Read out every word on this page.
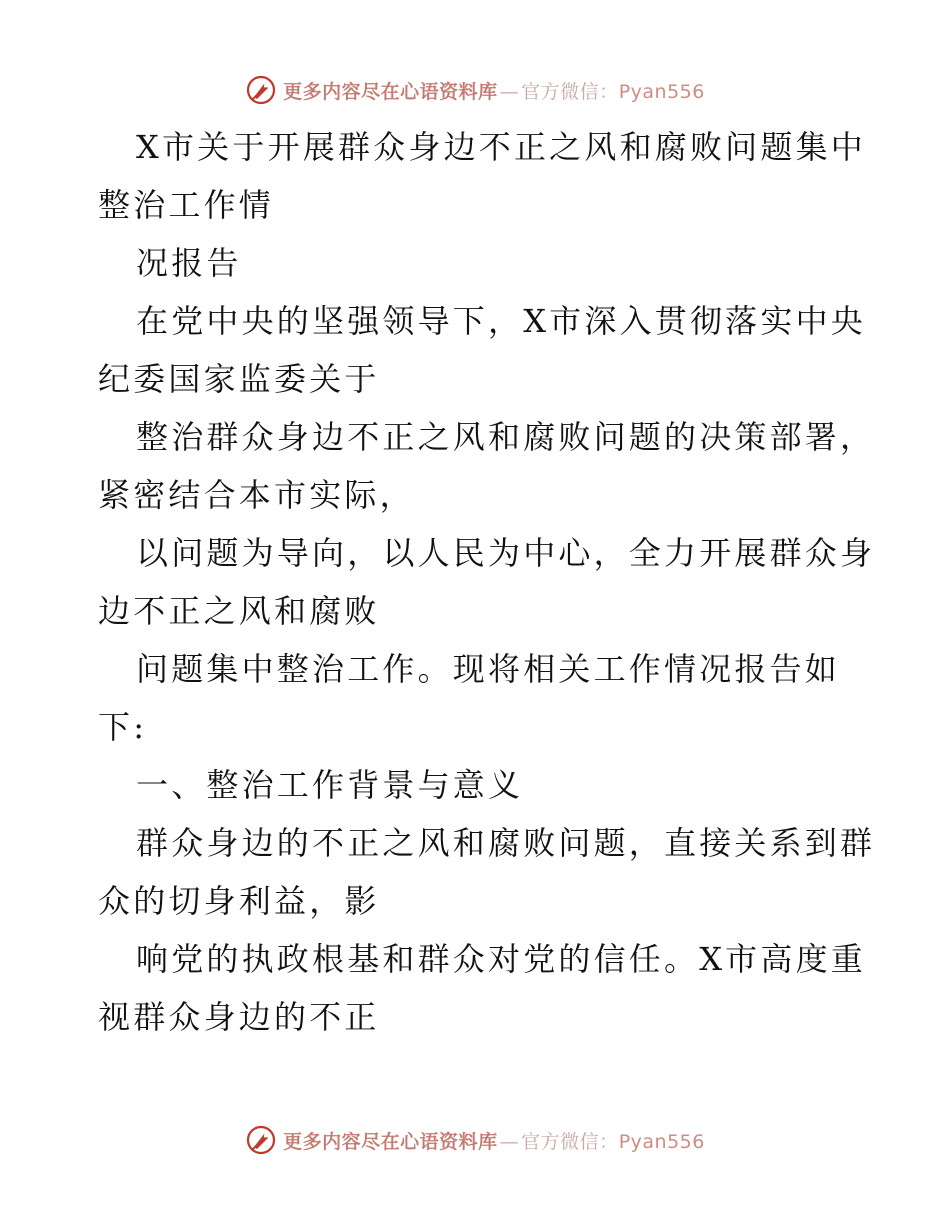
更多内容尽在心语资料库 — 官方微信：Pyan556
X市关于开展群众身边不正之风和腐败问题集中
整治工作情
况报告
在党中央的坚强领导下，X市深入贯彻落实中央
纪委国家监委关于
整治群众身边不正之风和腐败问题的决策部署，
紧密结合本市实际，
以问题为导向，以人民为中心，全力开展群众身
边不正之风和腐败
问题集中整治工作。现将相关工作情况报告如
下:
一、整治工作背景与意义
群众身边的不正之风和腐败问题，直接关系到群
众的切身利益，影
响党的执政根基和群众对党的信任。X市高度重
视群众身边的不正
更多内容尽在心语资料库 — 官方微信：Pyan556
